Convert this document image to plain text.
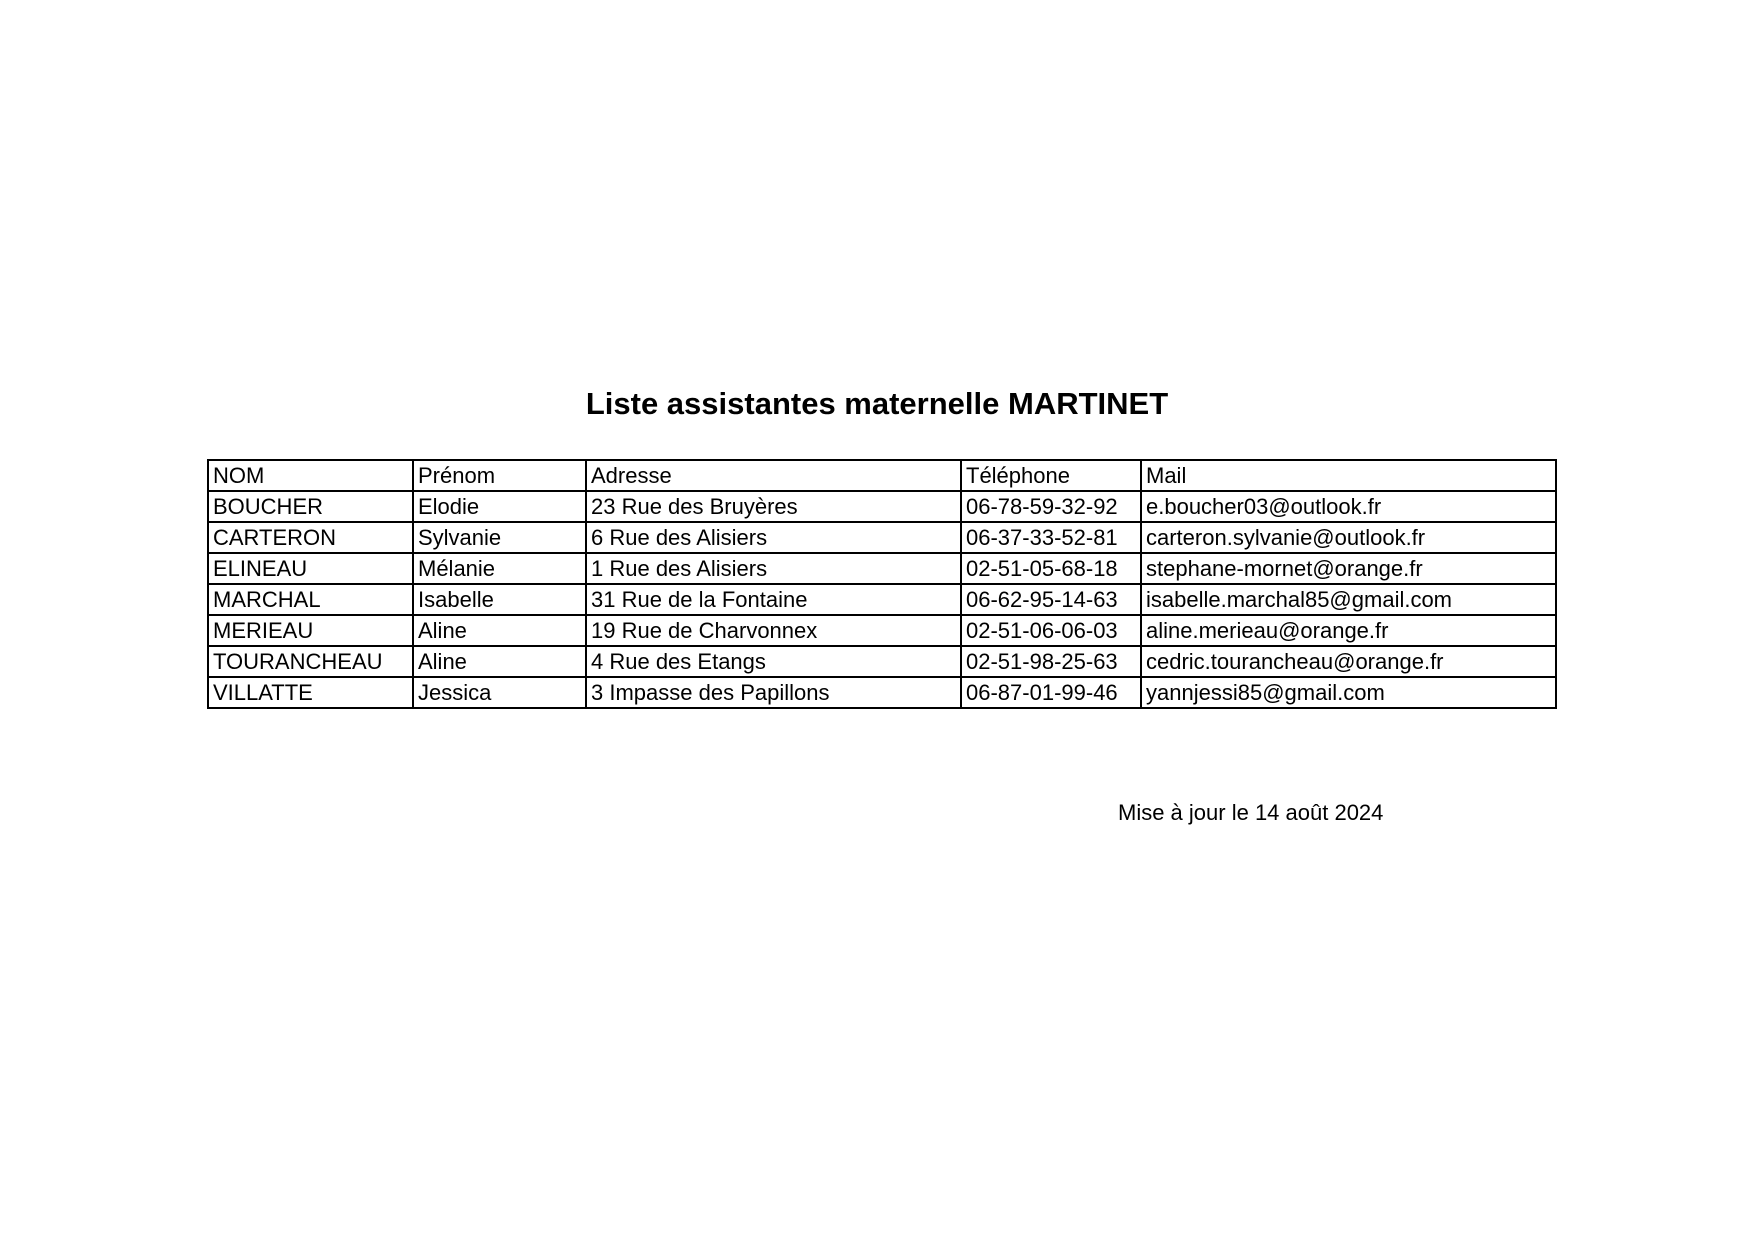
Liste assistantes maternelle MARTINET
NOM	Prénom	Adresse	Téléphone	Mail
BOUCHER	Elodie	23 Rue des Bruyères	06-78-59-32-92	e.boucher03@outlook.fr
CARTERON	Sylvanie	6 Rue des Alisiers	06-37-33-52-81	carteron.sylvanie@outlook.fr
ELINEAU	Mélanie	1 Rue des Alisiers	02-51-05-68-18	stephane-mornet@orange.fr
MARCHAL	Isabelle	31 Rue de la Fontaine	06-62-95-14-63	isabelle.marchal85@gmail.com
MERIEAU	Aline	19 Rue de Charvonnex	02-51-06-06-03	aline.merieau@orange.fr
TOURANCHEAU	Aline	4 Rue des Etangs	02-51-98-25-63	cedric.tourancheau@orange.fr
VILLATTE	Jessica	3 Impasse des Papillons	06-87-01-99-46	yannjessi85@gmail.com
Mise à jour le 14 août 2024
